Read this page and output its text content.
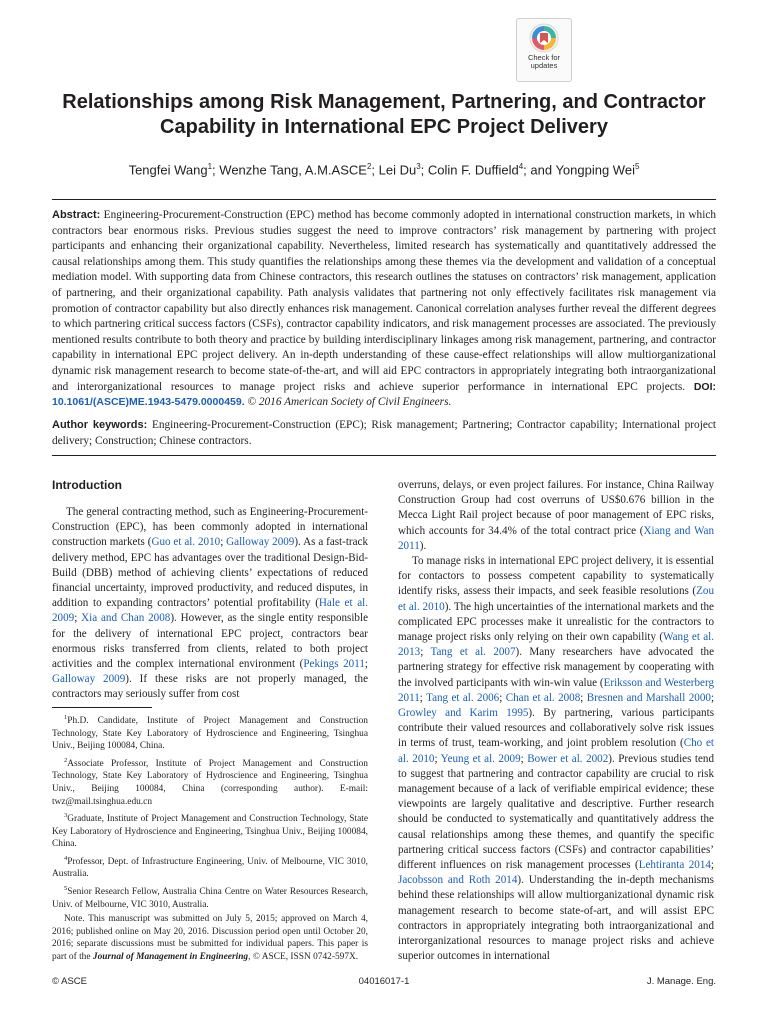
Check for updates
Relationships among Risk Management, Partnering, and Contractor Capability in International EPC Project Delivery
Tengfei Wang$^1$; Wenzhe Tang, A.M.ASCE$^2$; Lei Du$^3$; Colin F. Duffield$^4$; and Yongping Wei$^5$

Abstract: Engineering-Procurement-Construction (EPC) method has become commonly adopted in international construction markets, in which contractors bear enormous risks. Previous studies suggest the need to improve contractors’ risk management by partnering with project participants and enhancing their organizational capability. Nevertheless, limited research has systematically and quantitatively addressed the causal relationships among them. This study quantifies the relationships among these themes via the development and validation of a conceptual mediation model. With supporting data from Chinese contractors, this research outlines the statuses on contractors’ risk management, application of partnering, and their organizational capability. Path analysis validates that partnering not only effectively facilitates risk management via promotion of contractor capability but also directly enhances risk management. Canonical correlation analyses further reveal the different degrees to which partnering critical success factors (CSFs), contractor capability indicators, and risk management processes are associated. The previously mentioned results contribute to both theory and practice by building interdisciplinary linkages among risk management, partnering, and contractor capability in international EPC project delivery. An in-depth understanding of these cause-effect relationships will allow multiorganizational dynamic risk management research to become state-of-the-art, and will aid EPC contractors in appropriately integrating both intraorganizational and interorganizational resources to manage project risks and achieve superior performance in international EPC projects. DOI: 10.1061/(ASCE)ME.1943-5479.0000459. © 2016 American Society of Civil Engineers.

Author keywords: Engineering-Procurement-Construction (EPC); Risk management; Partnering; Contractor capability; International project delivery; Construction; Chinese contractors.

Introduction

The general contracting method, such as Engineering-Procurement-Construction (EPC), has been commonly adopted in international construction markets (Guo et al. 2010; Galloway 2009). As a fast-track delivery method, EPC has advantages over the traditional Design-Bid-Build (DBB) method of achieving clients’ expectations of reduced financial uncertainty, improved productivity, and reduced disputes, in addition to expanding contractors’ potential profitability (Hale et al. 2009; Xia and Chan 2008). However, as the single entity responsible for the delivery of international EPC project, contractors bear enormous risks transferred from clients, related to both project activities and the complex international environment (Pekings 2011; Galloway 2009). If these risks are not properly managed, the contractors may seriously suffer from cost

$^1$Ph.D. Candidate, Institute of Project Management and Construction Technology, State Key Laboratory of Hydroscience and Engineering, Tsinghua Univ., Beijing 100084, China.

$^2$Associate Professor, Institute of Project Management and Construction Technology, State Key Laboratory of Hydroscience and Engineering, Tsinghua Univ., Beijing 100084, China (corresponding author). E-mail: twz@mail.tsinghua.edu.cn

$^3$Graduate, Institute of Project Management and Construction Technology, State Key Laboratory of Hydroscience and Engineering, Tsinghua Univ., Beijing 100084, China.

$^4$Professor, Dept. of Infrastructure Engineering, Univ. of Melbourne, VIC 3010, Australia.

$^5$Senior Research Fellow, Australia China Centre on Water Resources Research, Univ. of Melbourne, VIC 3010, Australia.

Note. This manuscript was submitted on July 5, 2015; approved on March 4, 2016; published online on May 20, 2016. Discussion period open until October 20, 2016; separate discussions must be submitted for individual papers. This paper is part of the Journal of Management in Engineering, © ASCE, ISSN 0742-597X.

overruns, delays, or even project failures. For instance, China Railway Construction Group had cost overruns of US$0.676 billion in the Mecca Light Rail project because of poor management of EPC risks, which accounts for 34.4% of the total contract price (Xiang and Wan 2011).

To manage risks in international EPC project delivery, it is essential for contactors to possess competent capability to systematically identify risks, assess their impacts, and seek feasible resolutions (Zou et al. 2010). The high uncertainties of the international markets and the complicated EPC processes make it unrealistic for the contractors to manage project risks only relying on their own capability (Wang et al. 2013; Tang et al. 2007). Many researchers have advocated the partnering strategy for effective risk management by cooperating with the involved participants with win-win value (Eriksson and Westerberg 2011; Tang et al. 2006; Chan et al. 2008; Bresnen and Marshall 2000; Growley and Karim 1995). By partnering, various participants contribute their valued resources and collaboratively solve risk issues in terms of trust, team-working, and joint problem resolution (Cho et al. 2010; Yeung et al. 2009; Bower et al. 2002). Previous studies tend to suggest that partnering and contractor capability are crucial to risk management because of a lack of verifiable empirical evidence; these viewpoints are largely qualitative and descriptive. Further research should be conducted to systematically and quantitatively address the causal relationships among these themes, and quantify the specific partnering critical success factors (CSFs) and contractor capabilities’ different influences on risk management processes (Lehtiranta 2014; Jacobsson and Roth 2014). Understanding the in-depth mechanisms behind these relationships will allow multiorganizational dynamic risk management research to become state-of-art, and will assist EPC contractors in appropriately integrating both intraorganizational and interorganizational resources to manage project risks and achieve superior outcomes in international

© ASCE	04016017-1	J. Manage. Eng.
